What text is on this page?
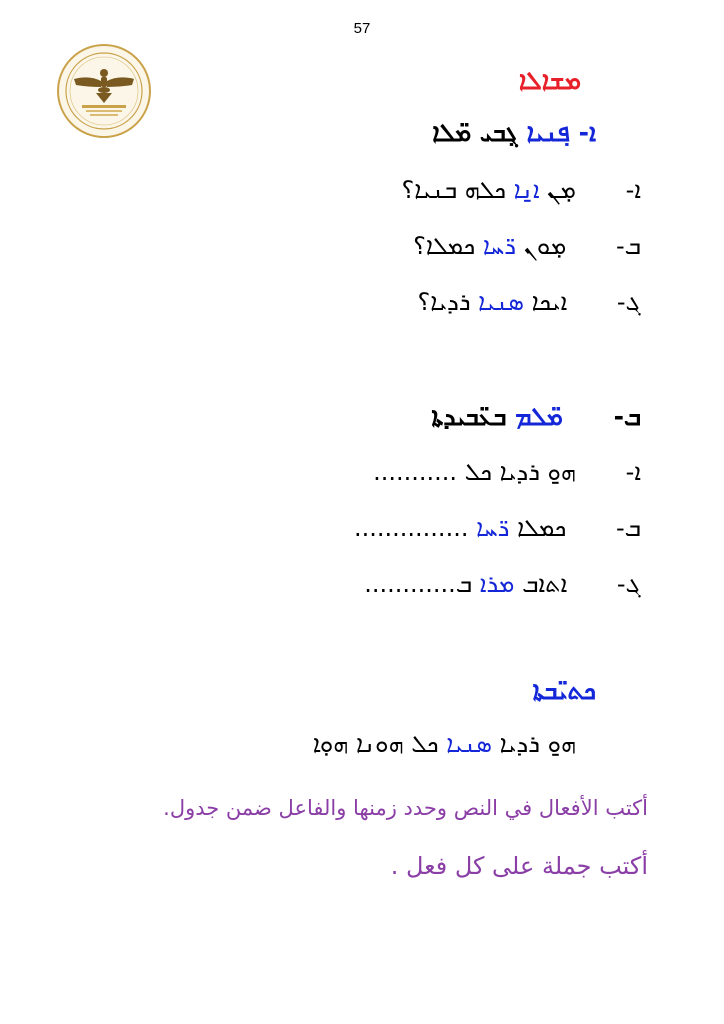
57
ܡܫܐܠܐ
ܐ- ܦ݂ܢܝܐ ܓ݂ܒܝ ܡ̈ܠܐ
ܐ- ܡ̣ܢ ܐ̱ܢܐ ܟܠܗ ܒܢܝܐ؟
ܒ- ܡ̣ܘܢ ܪ̈ܚܐ ܟܡܠܐ؟
ܓ- ܐܝܟܐ ܣܢܝܐ ܪܕܝܐ؟
ܒ- ܡ̈ܠܡ ܒܥ̈ܒܝܕܬܐ
ܐ- ܗ̱ܘ ܪܕܝܐ ܟܠ ...........
ܒ- ܟܡܠܐ ܪ̈ܚܐ ...............
ܓ- ܐܬܐܒ ܡܪܐ ܒ............
ܟܬܝ̈ܒܬܐ
ܗ̱ܘ ܪܕܝܐ ܣܢܝܐ ܟܠ ܗܘܢܐ ܗܘ̣ܐ
أكتب الأفعال في النص وحدد زمنها والفاعل ضمن جدول.
أكتب جملة على كل فعل .
